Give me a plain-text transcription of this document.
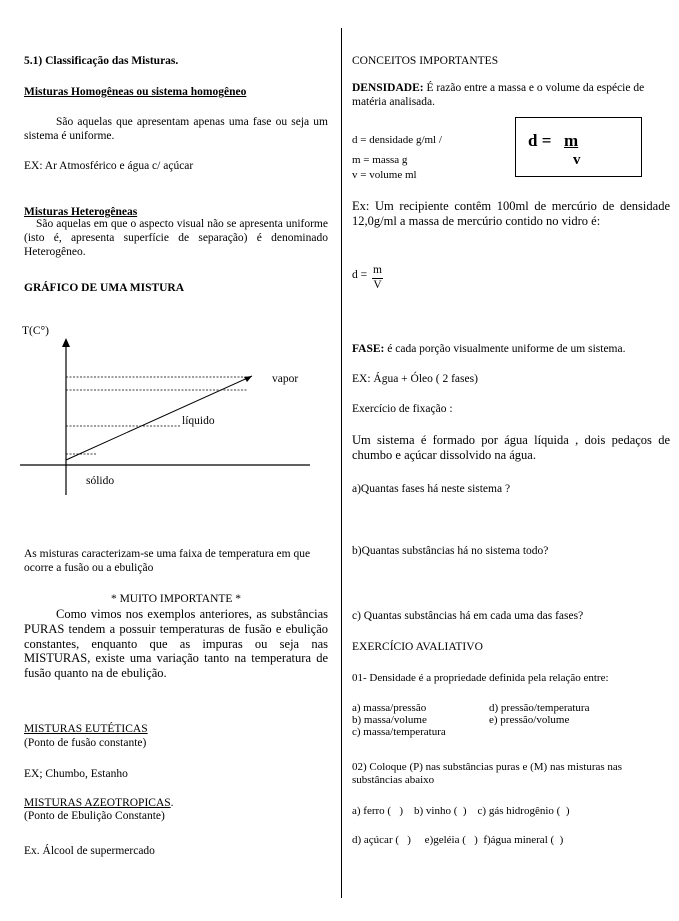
5.1) Classificação das Misturas.

Misturas Homogêneas ou sistema homogêneo

São aquelas que apresentam apenas uma fase ou seja um sistema é uniforme.

EX: Ar Atmosférico e água c/ açúcar

Misturas Heterogêneas

São aquelas em que o aspecto visual não se apresenta uniforme (isto é, apresenta superfície de separação) é denominado Heterogêneo.

GRÁFICO DE UMA MISTURA

T(C°)
vapor
líquido
sólido

As misturas caracterizam-se uma faixa de temperatura em que ocorre a fusão ou a ebulição

* MUITO IMPORTANTE *

Como vimos nos exemplos anteriores, as substâncias PURAS tendem a possuir temperaturas de fusão e ebulição constantes, enquanto que as impuras ou seja nas MISTURAS, existe uma variação tanto na temperatura de fusão quanto na de ebulição.

MISTURAS EUTÉTICAS

(Ponto de fusão constante)

EX; Chumbo, Estanho

MISTURAS AZEOTROPICAS.

(Ponto de Ebulição Constante)

Ex. Álcool de supermercado

CONCEITOS IMPORTANTES

DENSIDADE: É razão entre a massa e o volume da espécie de matéria analisada.

d = densidade g/ml /

m = massa g

v = volume ml

d = m
v

Ex: Um recipiente contêm 100ml de mercúrio de densidade 12,0g/ml a massa de mercúrio contido no vidro é:

$d = \frac{m}{V}$

FASE: é cada porção visualmente uniforme de um sistema.

EX: Água + Óleo ( 2 fases)

Exercício de fixação :

Um sistema é formado por água líquida , dois pedaços de chumbo e açúcar dissolvido na água.

a)Quantas fases há neste sistema ?

b)Quantas substâncias há no sistema todo?

c) Quantas substâncias há em cada uma das fases?

EXERCÍCIO AVALIATIVO

01- Densidade é a propriedade definida pela relação entre:

a) massa/pressão

b) massa/volume

c) massa/temperatura

d) pressão/temperatura

e) pressão/volume

02) Coloque (P) nas substâncias puras e (M) nas misturas nas substâncias abaixo

a) ferro (   )    b) vinho (  )    c) gás hidrogênio (  )

d) açúcar (   )     e)geléia (   )  f)água mineral (  )
